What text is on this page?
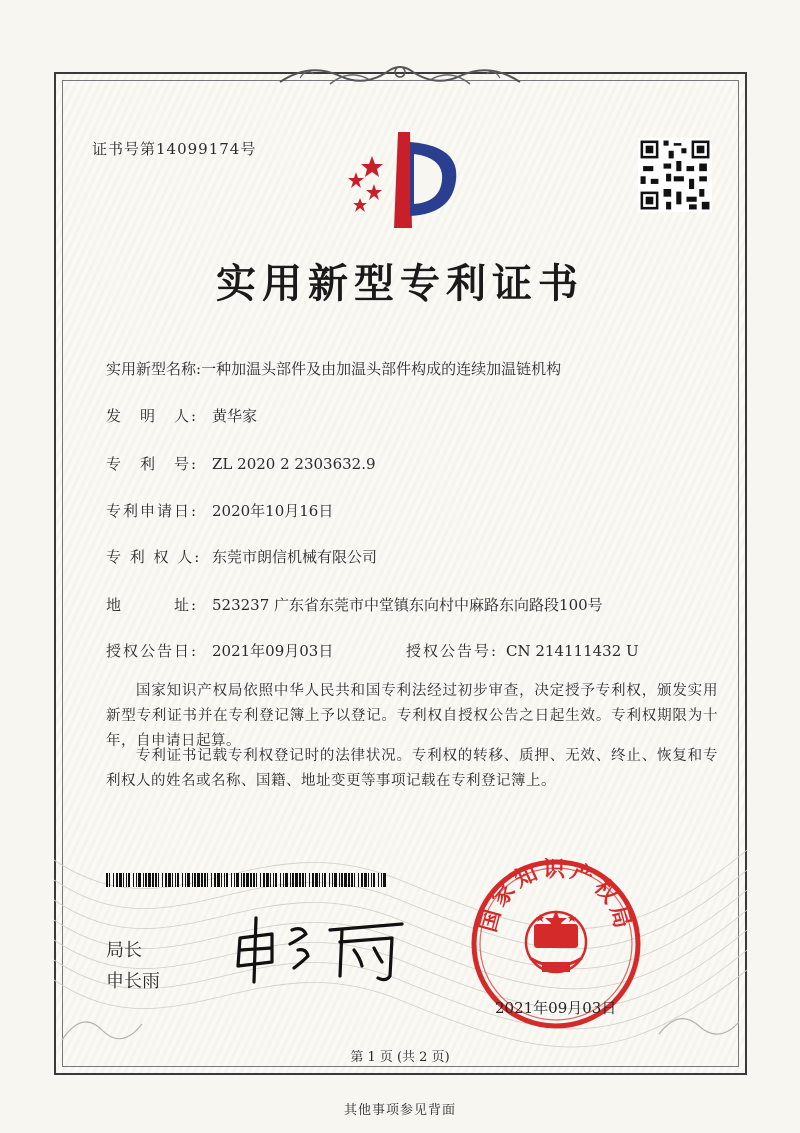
证书号第14099174号
实用新型专利证书
实用新型名称:一种加温头部件及由加温头部件构成的连续加温链机构
发　明　人: 黄华家
专　利　号: ZL 2020 2 2303632.9
专利申请日: 2020年10月16日
专 利 权 人: 东莞市朗信机械有限公司
地　　　址: 523237 广东省东莞市中堂镇东向村中麻路东向路段100号
授权公告日: 2021年09月03日	授权公告号: CN 214111432 U
国家知识产权局依照中华人民共和国专利法经过初步审查，决定授予专利权，颁发实用新型专利证书并在专利登记簿上予以登记。专利权自授权公告之日起生效。专利权期限为十年，自申请日起算。
专利证书记载专利权登记时的法律状况。专利权的转移、质押、无效、终止、恢复和专利权人的姓名或名称、国籍、地址变更等事项记载在专利登记簿上。
局长
申长雨
国家知识产权局
2021年09月03日
第 1 页 (共 2 页)
其他事项参见背面
